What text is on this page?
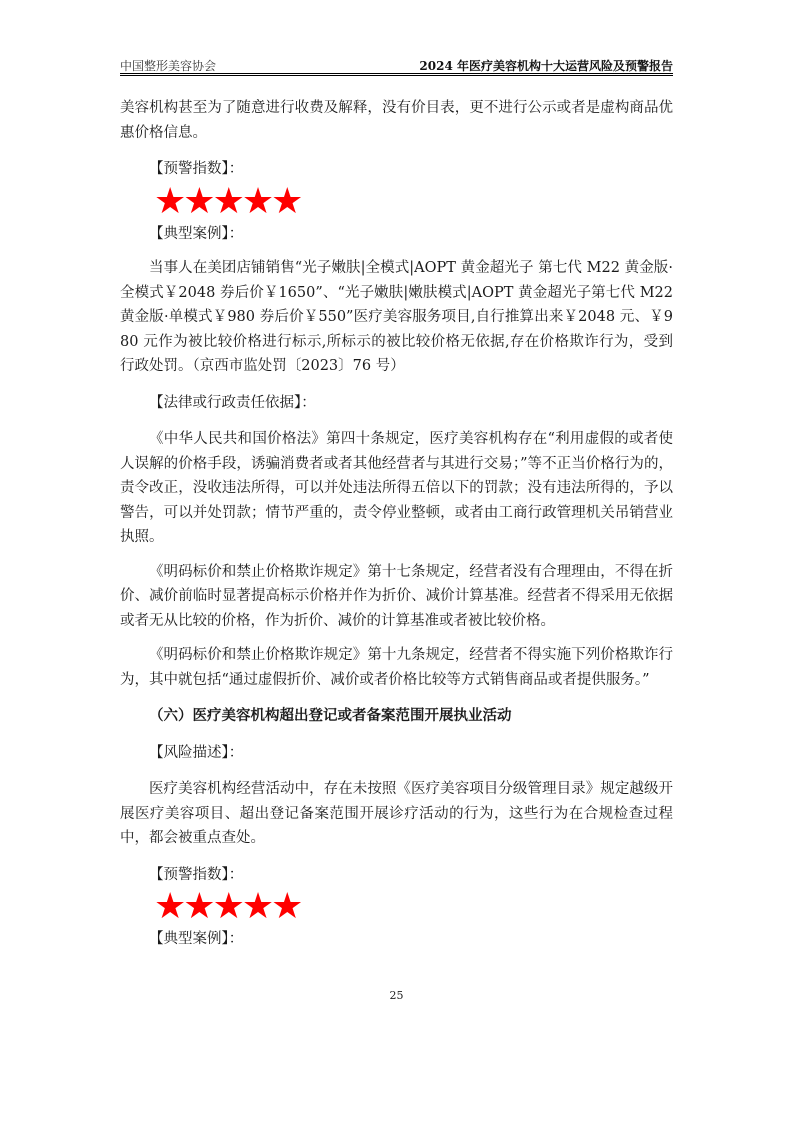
中国整形美容协会	2024 年医疗美容机构十大运营风险及预警报告

美容机构甚至为了随意进行收费及解释，没有价目表，更不进行公示或者是虚构商品优惠价格信息。

【预警指数】：

★★★★★

【典型案例】：

当事人在美团店铺销售“光子嫩肤|全模式|AOPT 黄金超光子 第七代 M22 黄金版·全模式￥2048 券后价￥1650”、“光子嫩肤|嫩肤模式|AOPT 黄金超光子第七代 M22 黄金版·单模式￥980 券后价￥550”医疗美容服务项目,自行推算出来￥2048 元、￥980 元作为被比较价格进行标示,所标示的被比较价格无依据,存在价格欺诈行为，受到行政处罚。（京西市监处罚〔2023〕76 号）

【法律或行政责任依据】：

《中华人民共和国价格法》第四十条规定，医疗美容机构存在“利用虚假的或者使人误解的价格手段，诱骗消费者或者其他经营者与其进行交易；”等不正当价格行为的，责令改正，没收违法所得，可以并处违法所得五倍以下的罚款；没有违法所得的，予以警告，可以并处罚款；情节严重的，责令停业整顿，或者由工商行政管理机关吊销营业执照。

《明码标价和禁止价格欺诈规定》第十七条规定，经营者没有合理理由，不得在折价、减价前临时显著提高标示价格并作为折价、减价计算基准。经营者不得采用无依据或者无从比较的价格，作为折价、减价的计算基准或者被比较价格。

《明码标价和禁止价格欺诈规定》第十九条规定，经营者不得实施下列价格欺诈行为，其中就包括“通过虚假折价、减价或者价格比较等方式销售商品或者提供服务。”

（六）医疗美容机构超出登记或者备案范围开展执业活动

【风险描述】：

医疗美容机构经营活动中，存在未按照《医疗美容项目分级管理目录》规定越级开展医疗美容项目、超出登记备案范围开展诊疗活动的行为，这些行为在合规检查过程中，都会被重点查处。

【预警指数】：

★★★★★

【典型案例】：

25
